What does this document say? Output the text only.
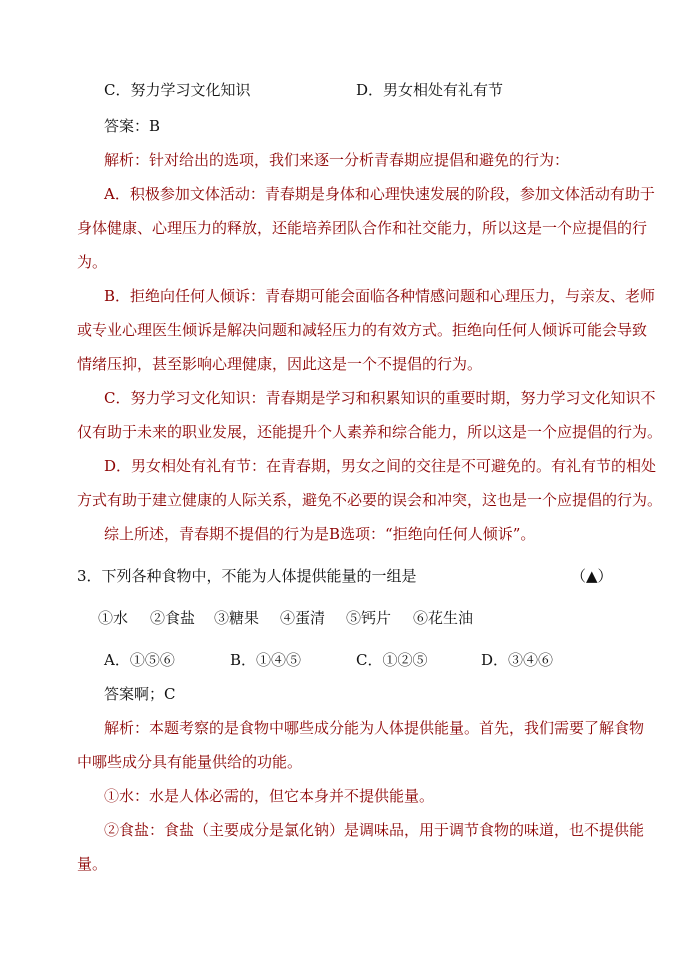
C．努力学习文化知识	D．男女相处有礼有节
答案：B
解析：针对给出的选项，我们来逐一分析青春期应提倡和避免的行为：
A．积极参加文体活动：青春期是身体和心理快速发展的阶段，参加文体活动有助于
身体健康、心理压力的释放，还能培养团队合作和社交能力，所以这是一个应提倡的行
为。
B．拒绝向任何人倾诉：青春期可能会面临各种情感问题和心理压力，与亲友、老师
或专业心理医生倾诉是解决问题和减轻压力的有效方式。拒绝向任何人倾诉可能会导致
情绪压抑，甚至影响心理健康，因此这是一个不提倡的行为。
C．努力学习文化知识：青春期是学习和积累知识的重要时期，努力学习文化知识不
仅有助于未来的职业发展，还能提升个人素养和综合能力，所以这是一个应提倡的行为。
D．男女相处有礼有节：在青春期，男女之间的交往是不可避免的。有礼有节的相处
方式有助于建立健康的人际关系，避免不必要的误会和冲突，这也是一个应提倡的行为。
综上所述，青春期不提倡的行为是B选项：“拒绝向任何人倾诉”。
3．下列各种食物中，不能为人体提供能量的一组是	（▲）
①水 ②食盐 ③糖果 ④蛋清 ⑤钙片 ⑥花生油
A．①⑤⑥	B．①④⑤	C．①②⑤	D．③④⑥
答案啊；C
解析：本题考察的是食物中哪些成分能为人体提供能量。首先，我们需要了解食物
中哪些成分具有能量供给的功能。
①水：水是人体必需的，但它本身并不提供能量。
②食盐：食盐（主要成分是氯化钠）是调味品，用于调节食物的味道，也不提供能
量。
